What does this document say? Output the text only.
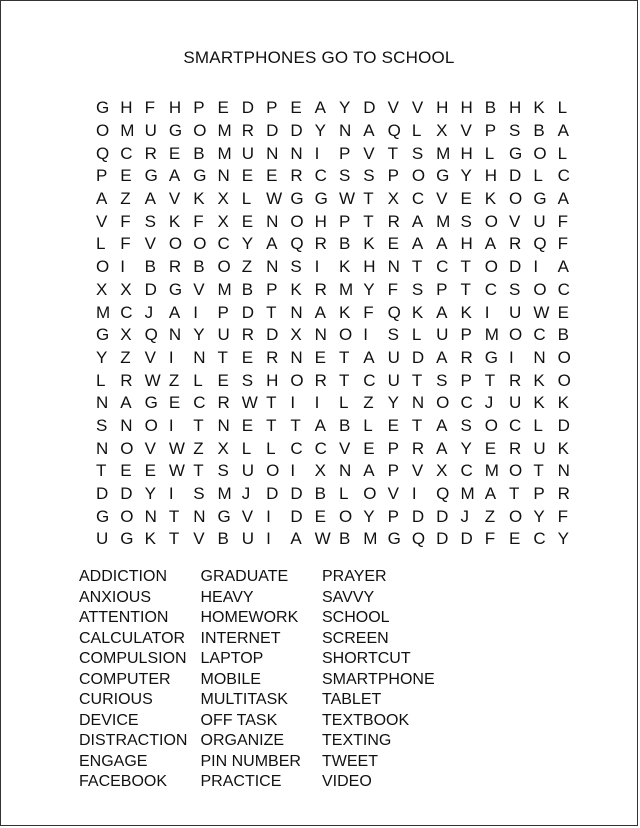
SMARTPHONES GO TO SCHOOL
G H F H P E D P E A Y D V V H H B H K L
O M U G O M R D D Y N A Q L X V P S B A
Q C R E B M U N N I	P V T S M H L G O L
P E G A G N E E R C S S P O G Y H D L C
A Z A V K X L W G G W T X C V E K O G A
V F S K F X E N O H P T R A M S O V U F
L F V O O C Y A Q R B K E A A H A R Q F
O I	B R B O Z N S I	K H N T C T O D I	A
X X D G V M B P K R M Y F S P T C S O C
M C J A I	P D T N A K F Q K A K I	U W E
G X Q N Y U R D X N O I	S L U P M O C B
Y Z V I	N T E R N E T A U D A R G I	N O
L R W Z L E S H O R T C U T S P T R K O
N A G E C R W T I	I	L Z Y N O C J U K K
S N O I	T N E T T A B L E T A S O C L D
N O V W Z X L L C C V E P R A Y E R U K
T E E W T S U O I	X N A P V X C M O T N
D D Y I	S M J D D B L O V I	Q M A T P R
G O N T N G V I	D E O Y P D D J Z O Y F
U G K T V B U I	A W B M G Q D D F E C Y
ADDICTION
ANXIOUS
ATTENTION
CALCULATOR
COMPULSION
COMPUTER
CURIOUS
DEVICE
DISTRACTION
ENGAGE
FACEBOOK
GRADUATE
HEAVY
HOMEWORK
INTERNET
LAPTOP
MOBILE
MULTITASK
OFF TASK
ORGANIZE
PIN NUMBER
PRACTICE
PRAYER
SAVVY
SCHOOL
SCREEN
SHORTCUT
SMARTPHONE
TABLET
TEXTBOOK
TEXTING
TWEET
VIDEO
